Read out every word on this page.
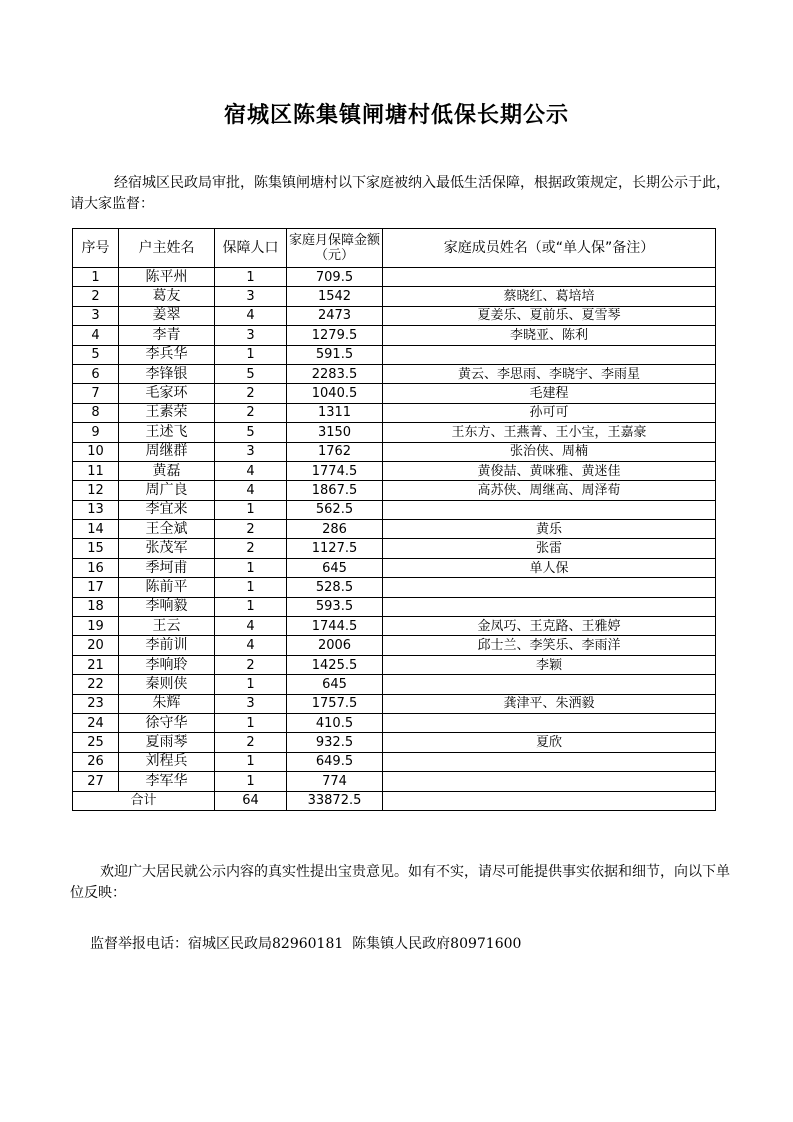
宿城区陈集镇闸塘村低保长期公示
经宿城区民政局审批，陈集镇闸塘村以下家庭被纳入最低生活保障，根据政策规定，长期公示于此，请大家监督：
序号	户主姓名	保障人口	家庭月保障金额（元）	家庭成员姓名（或“单人保”备注）
1	陈平州	1	709.5	
2	葛友	3	1542	蔡晓红、葛培培
3	姜翠	4	2473	夏姜乐、夏前乐、夏雪琴
4	李青	3	1279.5	李晓亚、陈利
5	李兵华	1	591.5	
6	李锋银	5	2283.5	黄云、李思雨、李晓宇、李雨星
7	毛家环	2	1040.5	毛建程
8	王素荣	2	1311	孙可可
9	王述飞	5	3150	王东方、王燕菁、王小宝，王嘉豪
10	周继群	3	1762	张治侠、周楠
11	黄磊	4	1774.5	黄俊喆、黄咪雅、黄迷佳
12	周广良	4	1867.5	高苏侠、周继高、周泽荀
13	李宜来	1	562.5	
14	王全斌	2	286	黄乐
15	张茂军	2	1127.5	张雷
16	季坷甫	1	645	单人保
17	陈前平	1	528.5	
18	李响毅	1	593.5	
19	王云	4	1744.5	金凤巧、王克路、王雅婷
20	李前训	4	2006	邱士兰、李笑乐、李雨洋
21	李响聆	2	1425.5	李颖
22	秦则侠	1	645	
23	朱辉	3	1757.5	龚津平、朱洒毅
24	徐守华	1	410.5	
25	夏雨琴	2	932.5	夏欣
26	刘程兵	1	649.5	
27	李军华	1	774	
合计		64	33872.5	
欢迎广大居民就公示内容的真实性提出宝贵意见。如有不实，请尽可能提供事实依据和细节，向以下单位反映：
监督举报电话：宿城区民政局82960181  陈集镇人民政府80971600
